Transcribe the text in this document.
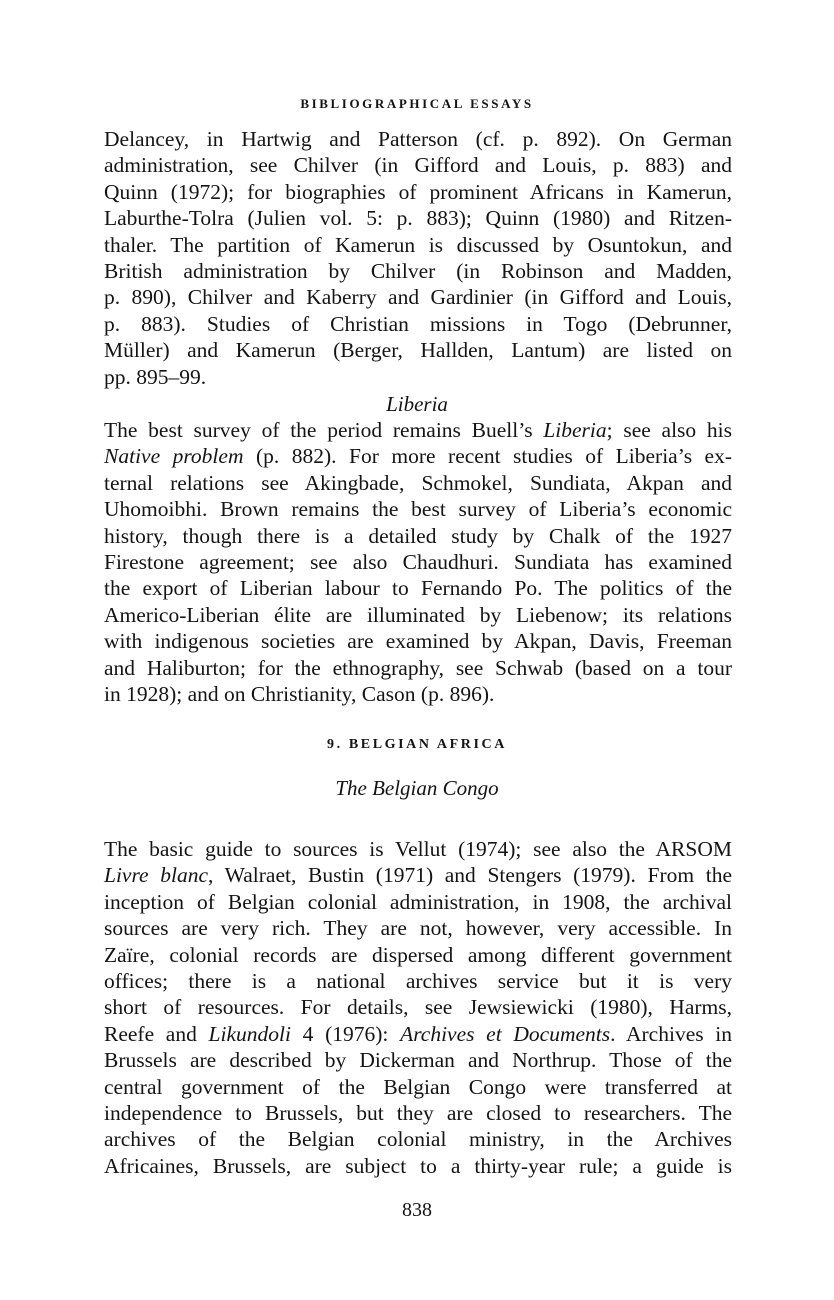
BIBLIOGRAPHICAL ESSAYS
Delancey, in Hartwig and Patterson (cf. p. 892). On German
administration, see Chilver (in Gifford and Louis, p. 883) and
Quinn (1972); for biographies of prominent Africans in Kamerun,
Laburthe-Tolra (Julien vol. 5: p. 883); Quinn (1980) and Ritzen-
thaler. The partition of Kamerun is discussed by Osuntokun, and
British administration by Chilver (in Robinson and Madden,
p. 890), Chilver and Kaberry and Gardinier (in Gifford and Louis,
p. 883). Studies of Christian missions in Togo (Debrunner,
Müller) and Kamerun (Berger, Hallden, Lantum) are listed on
pp. 895–99.
Liberia
The best survey of the period remains Buell’s Liberia; see also his
Native problem (p. 882). For more recent studies of Liberia’s ex-
ternal relations see Akingbade, Schmokel, Sundiata, Akpan and
Uhomoibhi. Brown remains the best survey of Liberia’s economic
history, though there is a detailed study by Chalk of the 1927
Firestone agreement; see also Chaudhuri. Sundiata has examined
the export of Liberian labour to Fernando Po. The politics of the
Americo-Liberian élite are illuminated by Liebenow; its relations
with indigenous societies are examined by Akpan, Davis, Freeman
and Haliburton; for the ethnography, see Schwab (based on a tour
in 1928); and on Christianity, Cason (p. 896).
9. BELGIAN AFRICA
The Belgian Congo
The basic guide to sources is Vellut (1974); see also the ARSOM
Livre blanc, Walraet, Bustin (1971) and Stengers (1979). From the
inception of Belgian colonial administration, in 1908, the archival
sources are very rich. They are not, however, very accessible. In
Zaïre, colonial records are dispersed among different government
offices; there is a national archives service but it is very
short of resources. For details, see Jewsiewicki (1980), Harms,
Reefe and Likundoli 4 (1976): Archives et Documents. Archives in
Brussels are described by Dickerman and Northrup. Those of the
central government of the Belgian Congo were transferred at
independence to Brussels, but they are closed to researchers. The
archives of the Belgian colonial ministry, in the Archives
Africaines, Brussels, are subject to a thirty-year rule; a guide is
838
